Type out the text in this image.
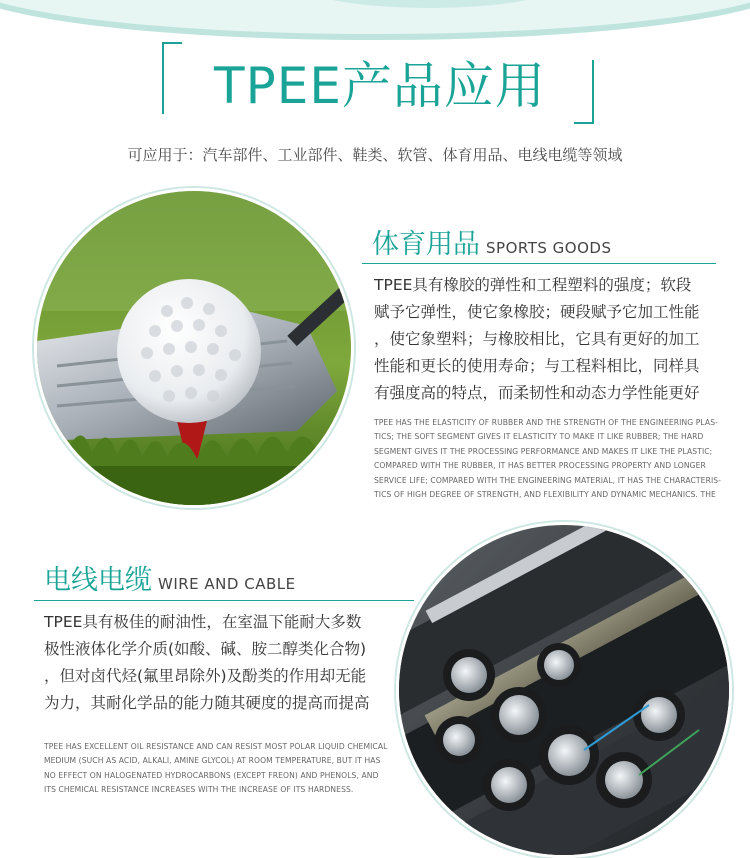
TPEE产品应用
可应用于：汽车部件、工业部件、鞋类、软管、体育用品、电线电缆等领域
体育用品 SPORTS GOODS

TPEE具有橡胶的弹性和工程塑料的强度；软段

赋予它弹性，使它象橡胶；硬段赋予它加工性能

，使它象塑料；与橡胶相比，它具有更好的加工

性能和更长的使用寿命；与工程料相比，同样具

有强度高的特点，而柔韧性和动态力学性能更好

TPEE HAS THE ELASTICITY OF RUBBER AND THE STRENGTH OF THE ENGINEERING PLAS-

TICS; THE SOFT SEGMENT GIVES IT ELASTICITY TO MAKE IT LIKE RUBBER; THE HARD

SEGMENT GIVES IT THE PROCESSING PERFORMANCE AND MAKES IT LIKE THE PLASTIC;

COMPARED WITH THE RUBBER, IT HAS BETTER PROCESSING PROPERTY AND LONGER

SERVICE LIFE; COMPARED WITH THE ENGINEERING MATERIAL, IT HAS THE CHARACTERIS-

TICS OF HIGH DEGREE OF STRENGTH, AND FLEXIBILITY AND DYNAMIC MECHANICS. THE

电线电缆 WIRE AND CABLE

TPEE具有极佳的耐油性，在室温下能耐大多数

极性液体化学介质(如酸、碱、胺二醇类化合物)

，但对卤代烃(氟里昂除外)及酚类的作用却无能

为力，其耐化学品的能力随其硬度的提高而提高

TPEE HAS EXCELLENT OIL RESISTANCE AND CAN RESIST MOST POLAR LIQUID CHEMICAL

MEDIUM (SUCH AS ACID, ALKALI, AMINE GLYCOL) AT ROOM TEMPERATURE, BUT IT HAS

NO EFFECT ON HALOGENATED HYDROCARBONS (EXCEPT FREON) AND PHENOLS, AND

ITS CHEMICAL RESISTANCE INCREASES WITH THE INCREASE OF ITS HARDNESS.
